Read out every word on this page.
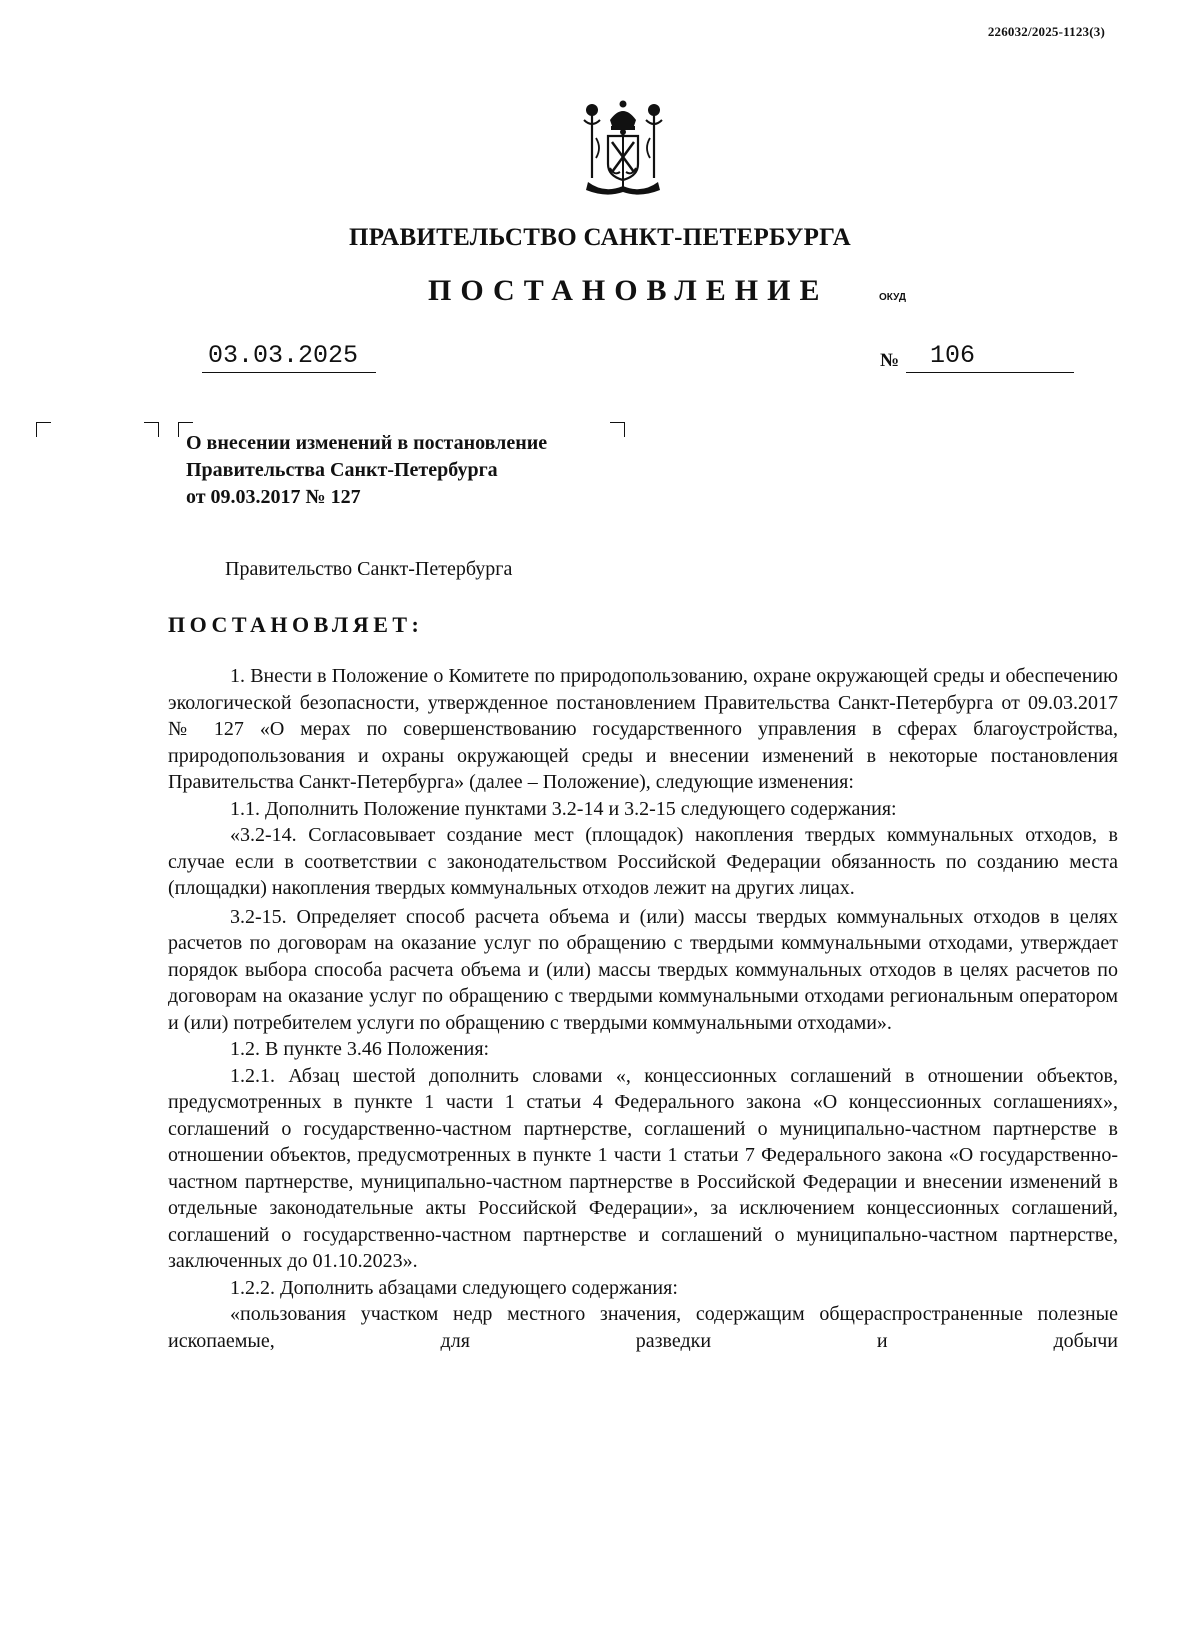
226032/2025-1123(3)
ПРАВИТЕЛЬСТВО САНКТ-ПЕТЕРБУРГА
ПОСТАНОВЛЕНИЕ	ОКУД
03.03.2025	№	106
О внесении изменений в постановление
Правительства Санкт-Петербурга
от 09.03.2017 № 127
Правительство Санкт-Петербурга
ПОСТАНОВЛЯЕТ:

1. Внести в Положение о Комитете по природопользованию, охране окружающей среды и обеспечению экологической безопасности, утвержденное постановлением Правительства Санкт-Петербурга от 09.03.2017 № 127 «О мерах по совершенствованию государственного управления в сферах благоустройства, природопользования и охраны окружающей среды и внесении изменений в некоторые постановления Правительства Санкт-Петербурга» (далее – Положение), следующие изменения:

1.1. Дополнить Положение пунктами 3.2-14 и 3.2-15 следующего содержания:

«3.2-14. Согласовывает создание мест (площадок) накопления твердых коммунальных отходов, в случае если в соответствии с законодательством Российской Федерации обязанность по созданию места (площадки) накопления твердых коммунальных отходов лежит на других лицах.

3.2-15. Определяет способ расчета объема и (или) массы твердых коммунальных отходов в целях расчетов по договорам на оказание услуг по обращению с твердыми коммунальными отходами, утверждает порядок выбора способа расчета объема и (или) массы твердых коммунальных отходов в целях расчетов по договорам на оказание услуг по обращению с твердыми коммунальными отходами региональным оператором и (или) потребителем услуги по обращению с твердыми коммунальными отходами».

1.2. В пункте 3.46 Положения:

1.2.1. Абзац шестой дополнить словами «, концессионных соглашений в отношении объектов, предусмотренных в пункте 1 части 1 статьи 4 Федерального закона «О концессионных соглашениях», соглашений о государственно-частном партнерстве, соглашений о муниципально-частном партнерстве в отношении объектов, предусмотренных в пункте 1 части 1 статьи 7 Федерального закона «О государственно-частном партнерстве, муниципально-частном партнерстве в Российской Федерации и внесении изменений в отдельные законодательные акты Российской Федерации», за исключением концессионных соглашений, соглашений о государственно-частном партнерстве и соглашений о муниципально-частном партнерстве, заключенных до 01.10.2023».

1.2.2. Дополнить абзацами следующего содержания:

«пользования участком недр местного значения, содержащим общераспространенные полезные ископаемые, для разведки и добычи
